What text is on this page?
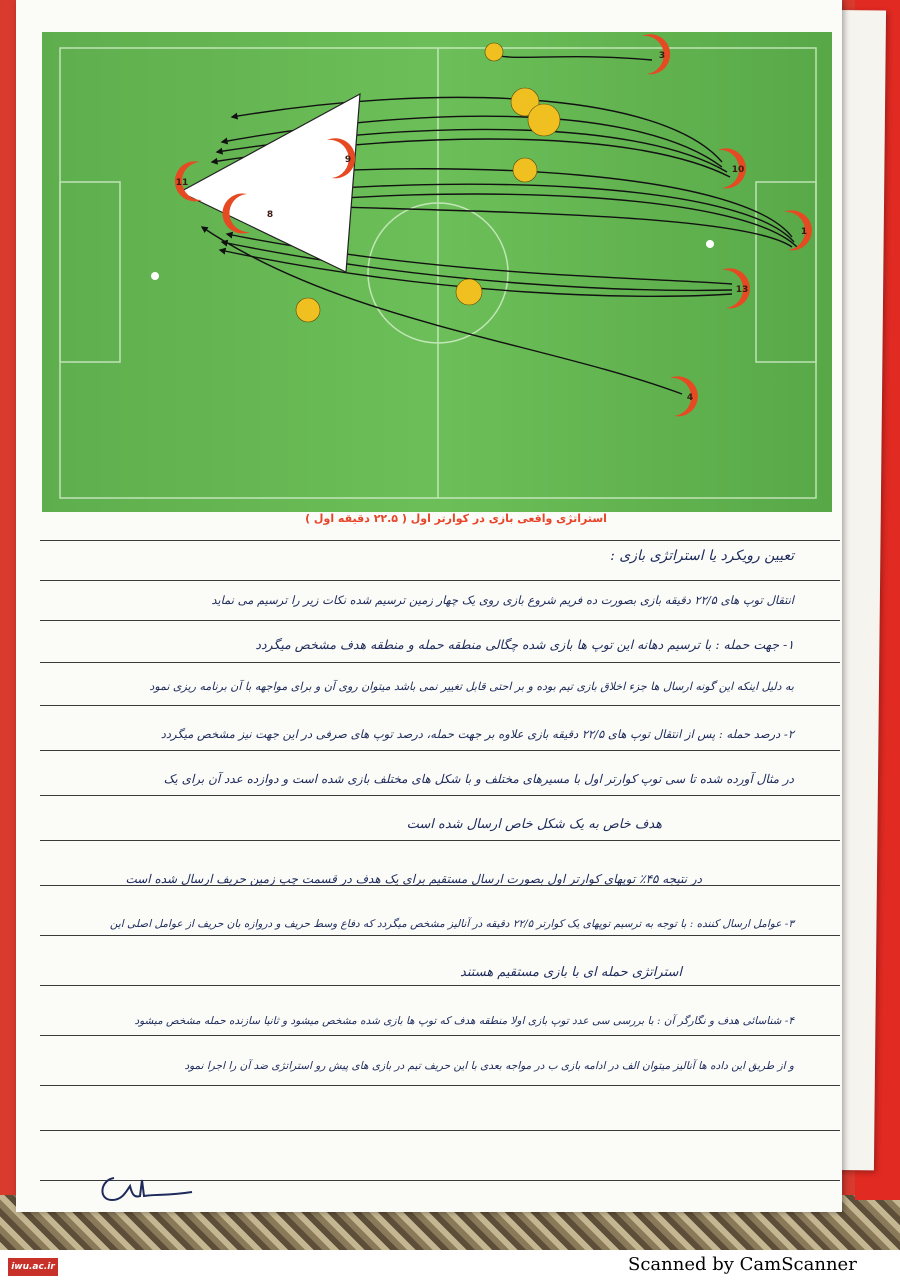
3
10
9
11
8
1
13
4
استراتژی واقعی بازی در کوارتر اول ( ۲۲.۵ دقیقه اول )
تعیین رویکرد یا استراتژی بازی :
انتقال توپ های ۲۲/۵ دقیقه بازی بصورت ده فریم شروع بازی روی یک چهار زمین ترسیم شده نکات زیر را ترسیم می نماید
۱- جهت حمله : با ترسیم دهانه این توپ ها بازی شده چگالی منطقه حمله و منطقه هدف مشخص میگردد
به دلیل اینکه این گونه ارسال ها جزء اخلاق بازی تیم بوده و بر احتی قابل تغییر نمی باشد میتوان روی آن و برای مواجهه با آن برنامه ریزی نمود
۲- درصد حمله : پس از انتقال توپ های ۲۲/۵ دقیقه بازی علاوه بر جهت حمله، درصد توپ های صرفی در این جهت نیز مشخص میگردد
در مثال آورده شده تا سی توپ کوارتر اول با مسیرهای مختلف و با شکل های مختلف بازی شده است و دوازده عدد آن برای یک
هدف خاص به یک شکل خاص ارسال شده است
در نتیجه ۴۵٪ توپهای کوارتر اول بصورت ارسال مستقیم برای یک هدف در قسمت چپ زمین حریف ارسال شده است
۳- عوامل ارسال کننده : با توجه به ترسیم توپهای یک کوارتر ۲۲/۵ دقیقه در آنالیز مشخص میگردد که دفاع وسط حریف و دروازه بان حریف از عوامل اصلی این
استراتژی حمله ای با بازی مستقیم هستند
۴- شناسائی هدف و نگارگر آن : با بررسی سی عدد توپ بازی اولا منطقه هدف که توپ ها بازی شده مشخص میشود و ثانیا سازنده حمله مشخص میشود
و از طریق این داده ها آنالیز میتوان الف در ادامه بازی ب در مواجه بعدی با این حریف تیم در بازی های پیش رو استراتژی ضد آن را اجرا نمود
iwu.ac.ir	Scanned by CamScanner
